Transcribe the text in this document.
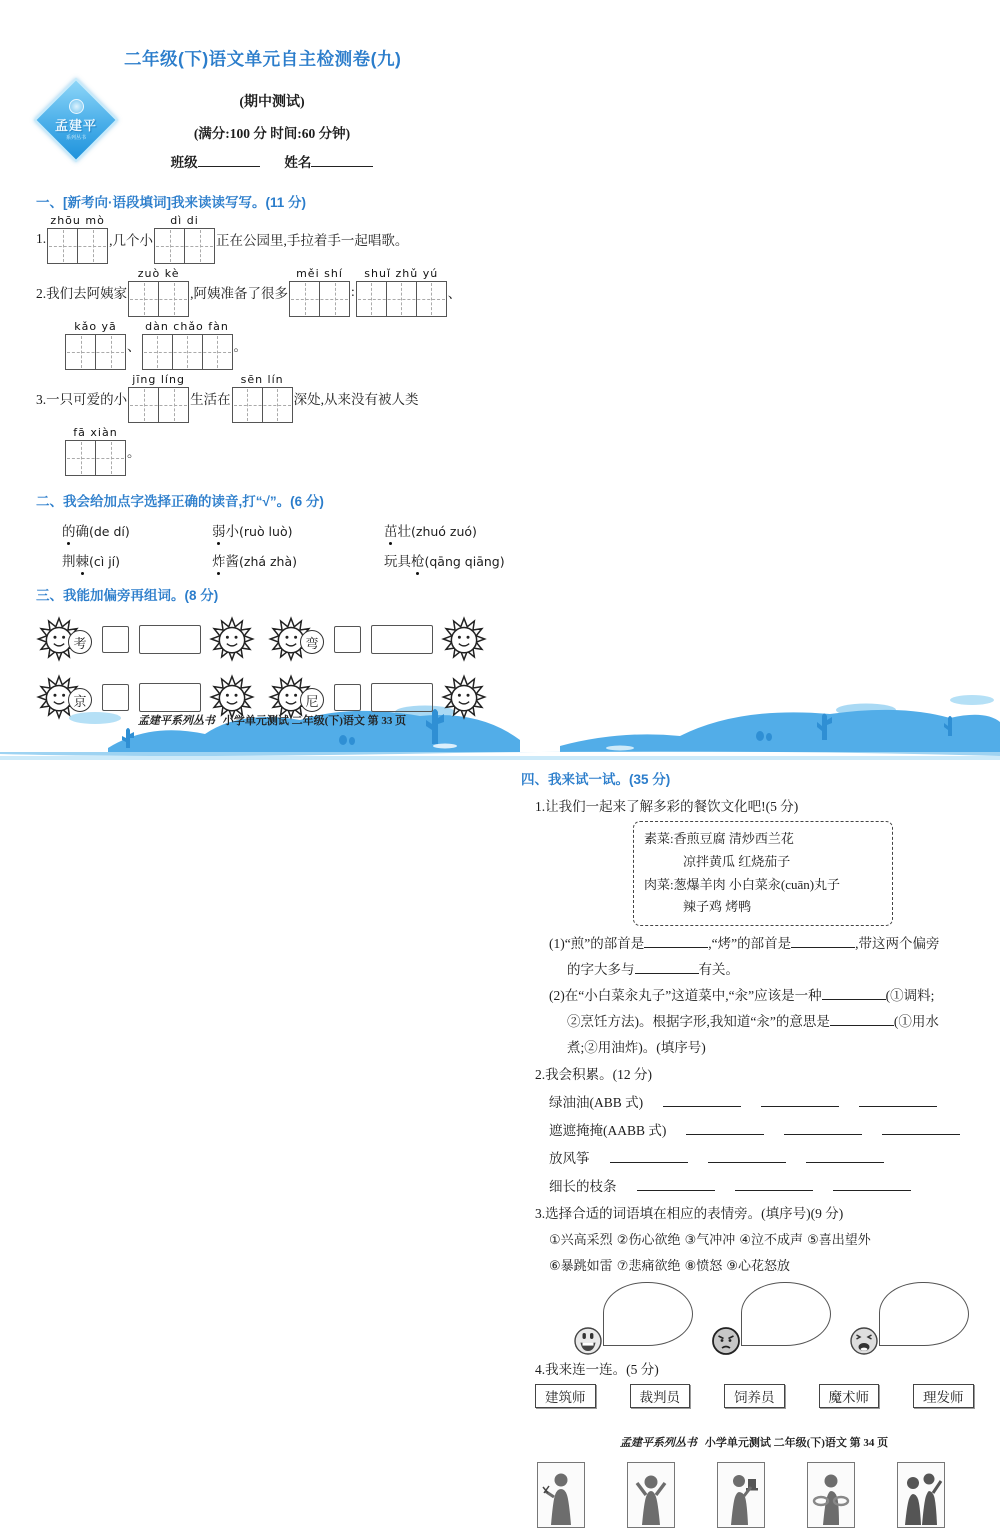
孟建平
系列丛书
二年级(下)语文单元自主检测卷(九)
(期中测试)
(满分:100 分 时间:60 分钟)
班级	姓名
一、[新考向·语段填词]我来读读写写。(11 分)
1.
zhōu mò
,几个小
dì di
正在公园里,手拉着手一起唱歌。
2.我们去阿姨家
zuò kè
,阿姨准备了很多
měi shí
:
shuǐ zhǔ yú
、
kǎo yā
、
dàn chǎo fàn
。
3.一只可爱的小
jīng líng
生活在
sēn lín
深处,从来没有被人类
fā xiàn
。
二、我会给加点字选择正确的读音,打“√”。(6 分)
的确(de dí)	弱小(ruò luò)	茁壮(zhuó zuó)
荆棘(cì jí)	炸酱(zhá zhà)	玩具枪(qāng qiāng)
三、我能加偏旁再组词。(8 分)
考	弯
京	尼
孟建平系列丛书 小学单元测试 二年级(下)语文 第 33 页
四、我来试一试。(35 分)
1.让我们一起来了解多彩的餐饮文化吧!(5 分)
素菜:香煎豆腐 清炒西兰花
凉拌黄瓜 红烧茄子
肉菜:葱爆羊肉 小白菜汆(cuān)丸子
辣子鸡 烤鸭
(1)“煎”的部首是	,“烤”的部首是	,带这两个偏旁
的字大多与	有关。
(2)在“小白菜汆丸子”这道菜中,“汆”应该是一种	(①调料;
②烹饪方法)。根据字形,我知道“汆”的意思是	(①用水
煮;②用油炸)。(填序号)
2.我会积累。(12 分)
绿油油(ABB 式)
遮遮掩掩(AABB 式)
放风筝
细长的枝条
3.选择合适的词语填在相应的表情旁。(填序号)(9 分)
①兴高采烈 ②伤心欲绝 ③气冲冲 ④泣不成声 ⑤喜出望外
⑥暴跳如雷 ⑦悲痛欲绝 ⑧愤怒 ⑨心花怒放
4.我来连一连。(5 分)
建筑师	裁判员	饲养员	魔术师	理发师
孟建平系列丛书 小学单元测试 二年级(下)语文 第 34 页
